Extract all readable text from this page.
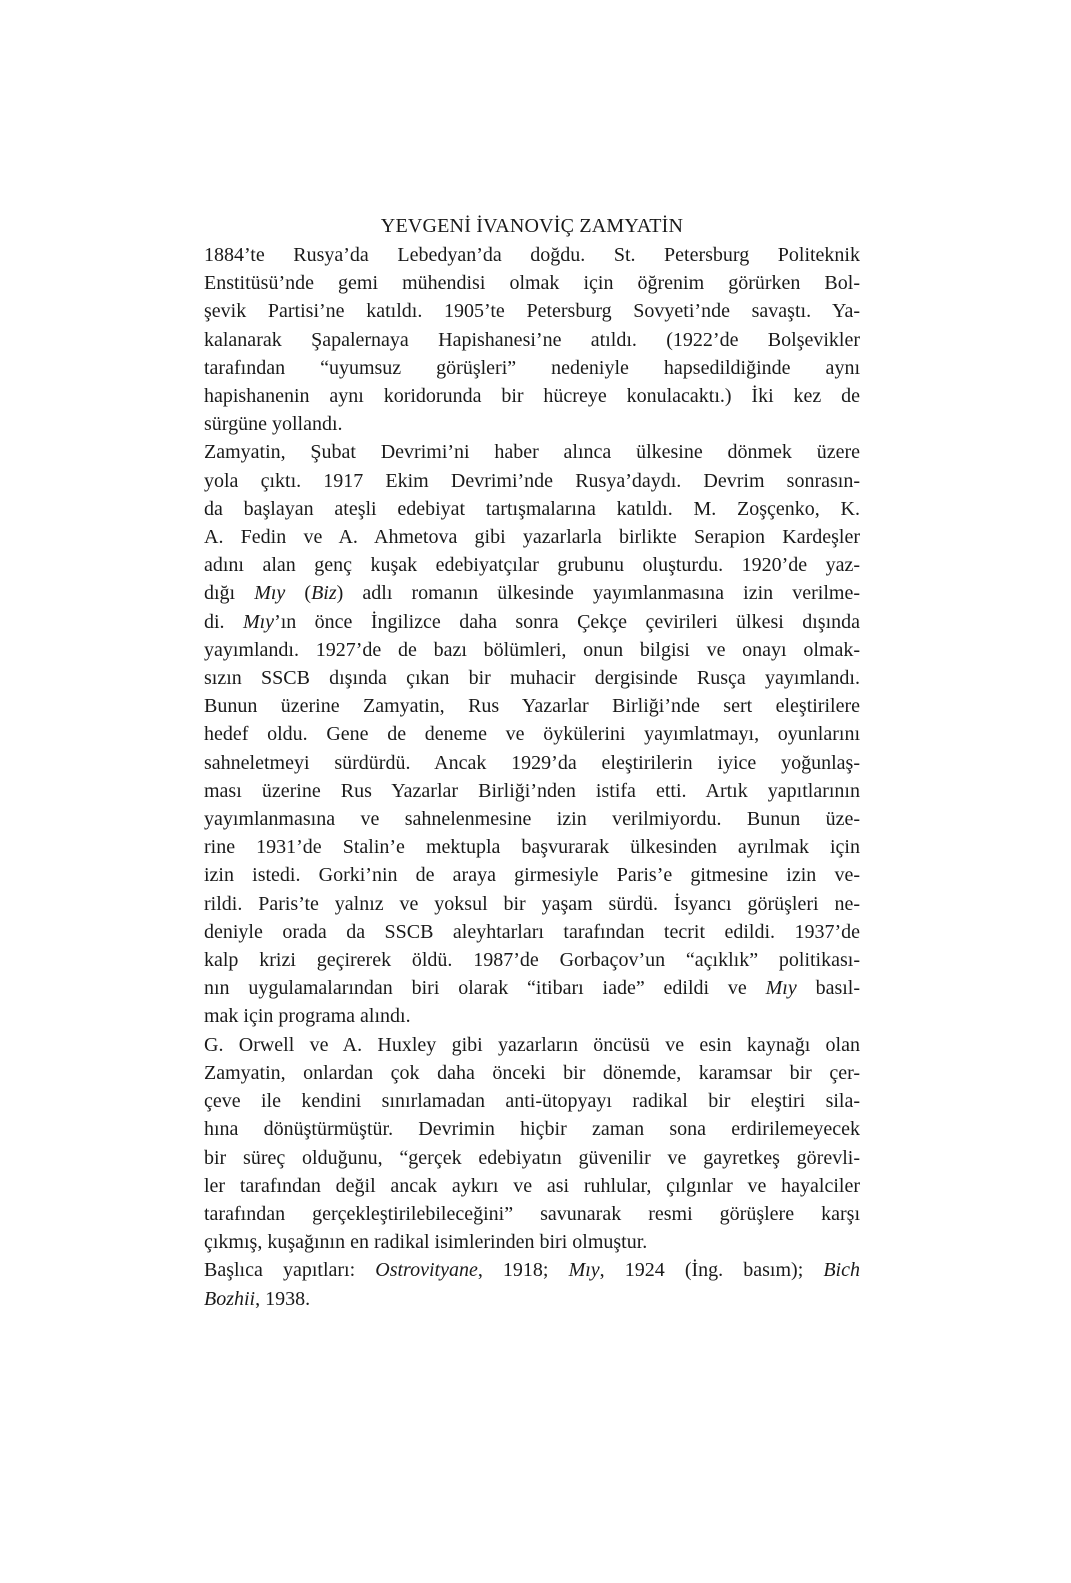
YEVGENİ İVANOVİÇ ZAMYATİN
1884’te Rusya’da Lebedyan’da doğdu. St. Petersburg Politeknik
Enstitüsü’nde gemi mühendisi olmak için öğrenim görürken Bol-
şevik Partisi’ne katıldı. 1905’te Petersburg Sovyeti’nde savaştı. Ya-
kalanarak Şapalernaya Hapishanesi’ne atıldı. (1922’de Bolşevikler
tarafından “uyumsuz görüşleri” nedeniyle hapsedildiğinde aynı
hapishanenin aynı koridorunda bir hücreye konulacaktı.) İki kez de
sürgüne yollandı.
Zamyatin, Şubat Devrimi’ni haber alınca ülkesine dönmek üzere
yola çıktı. 1917 Ekim Devrimi’nde Rusya’daydı. Devrim sonrasın-
da başlayan ateşli edebiyat tartışmalarına katıldı. M. Zoşçenko, K.
A. Fedin ve A. Ahmetova gibi yazarlarla birlikte Serapion Kardeşler
adını alan genç kuşak edebiyatçılar grubunu oluşturdu. 1920’de yaz-
dığı Mıy (Biz) adlı romanın ülkesinde yayımlanmasına izin verilme-
di. Mıy’ın önce İngilizce daha sonra Çekçe çevirileri ülkesi dışında
yayımlandı. 1927’de de bazı bölümleri, onun bilgisi ve onayı olmak-
sızın SSCB dışında çıkan bir muhacir dergisinde Rusça yayımlandı.
Bunun üzerine Zamyatin, Rus Yazarlar Birliği’nde sert eleştirilere
hedef oldu. Gene de deneme ve öykülerini yayımlatmayı, oyunlarını
sahneletmeyi sürdürdü. Ancak 1929’da eleştirilerin iyice yoğunlaş-
ması üzerine Rus Yazarlar Birliği’nden istifa etti. Artık yapıtlarının
yayımlanmasına ve sahnelenmesine izin verilmiyordu. Bunun üze-
rine 1931’de Stalin’e mektupla başvurarak ülkesinden ayrılmak için
izin istedi. Gorki’nin de araya girmesiyle Paris’e gitmesine izin ve-
rildi. Paris’te yalnız ve yoksul bir yaşam sürdü. İsyancı görüşleri ne-
deniyle orada da SSCB aleyhtarları tarafından tecrit edildi. 1937’de
kalp krizi geçirerek öldü. 1987’de Gorbaçov’un “açıklık” politikası-
nın uygulamalarından biri olarak “itibarı iade” edildi ve Mıy basıl-
mak için programa alındı.
G. Orwell ve A. Huxley gibi yazarların öncüsü ve esin kaynağı olan
Zamyatin, onlardan çok daha önceki bir dönemde, karamsar bir çer-
çeve ile kendini sınırlamadan anti-ütopyayı radikal bir eleştiri sila-
hına dönüştürmüştür. Devrimin hiçbir zaman sona erdirilemeyecek
bir süreç olduğunu, “gerçek edebiyatın güvenilir ve gayretkeş görevli-
ler tarafından değil ancak aykırı ve asi ruhlular, çılgınlar ve hayalciler
tarafından gerçekleştirilebileceğini” savunarak resmi görüşlere karşı
çıkmış, kuşağının en radikal isimlerinden biri olmuştur.
Başlıca yapıtları: Ostrovityane, 1918; Mıy, 1924 (İng. basım); Bich
Bozhii, 1938.
